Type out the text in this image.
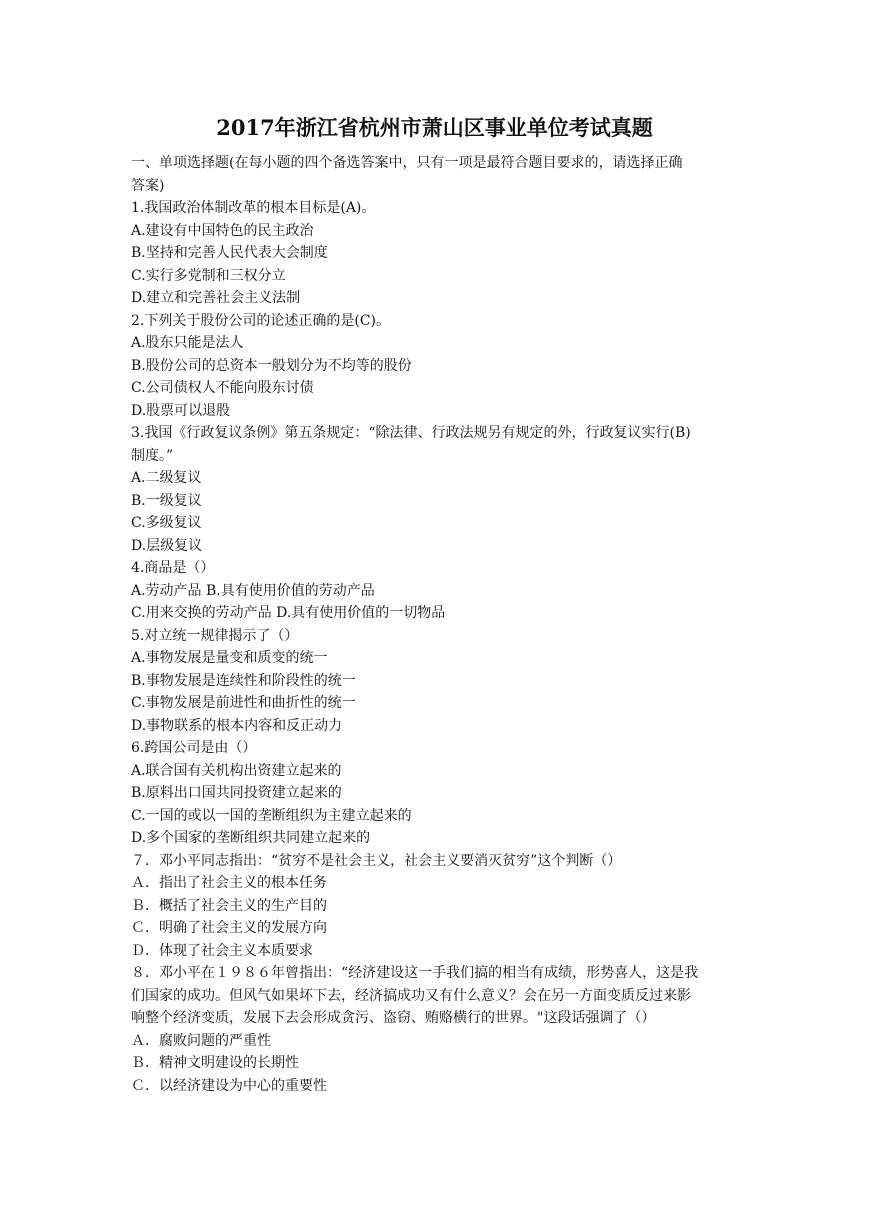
2017年浙江省杭州市萧山区事业单位考试真题
一、单项选择题(在每小题的四个备选答案中，只有一项是最符合题目要求的，请选择正确
答案)
1.我国政治体制改革的根本目标是(A)。
A.建设有中国特色的民主政治
B.坚持和完善人民代表大会制度
C.实行多党制和三权分立
D.建立和完善社会主义法制
2.下列关于股份公司的论述正确的是(C)。
A.股东只能是法人
B.股份公司的总资本一般划分为不均等的股份
C.公司债权人不能向股东讨债
D.股票可以退股
3.我国《行政复议条例》第五条规定：“除法律、行政法规另有规定的外，行政复议实行(B)
制度。”
A.二级复议
B.一级复议
C.多级复议
D.层级复议
4.商品是（）
A.劳动产品 B.具有使用价值的劳动产品
C.用来交换的劳动产品 D.具有使用价值的一切物品
5.对立统一规律揭示了（）
A.事物发展是量变和质变的统一
B.事物发展是连续性和阶段性的统一
C.事物发展是前进性和曲折性的统一
D.事物联系的根本内容和反正动力
6.跨国公司是由（）
A.联合国有关机构出资建立起来的
B.原料出口国共同投资建立起来的
C.一国的或以一国的垄断组织为主建立起来的
D.多个国家的垄断组织共同建立起来的
７．邓小平同志指出：“贫穷不是社会主义，社会主义要消灭贫穷”这个判断（）
Ａ．指出了社会主义的根本任务
Ｂ．概括了社会主义的生产目的
Ｃ．明确了社会主义的发展方向
Ｄ．体现了社会主义本质要求
８．邓小平在１９８６年曾指出：“经济建设这一手我们搞的相当有成绩，形势喜人，这是我
们国家的成功。但风气如果坏下去，经济搞成功又有什么意义？会在另一方面变质反过来影
响整个经济变质，发展下去会形成贪污、盗窃、贿赂横行的世界。"这段话强调了（）
Ａ．腐败问题的严重性
Ｂ．精神文明建设的长期性
Ｃ．以经济建设为中心的重要性
